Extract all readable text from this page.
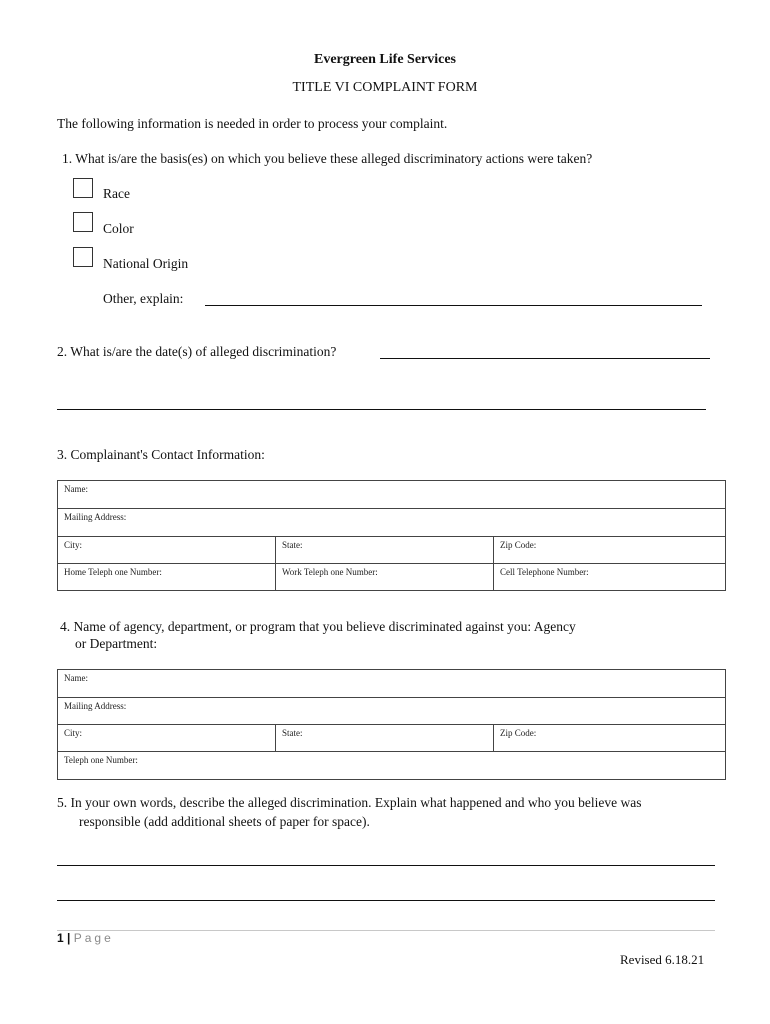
Evergreen Life Services
TITLE VI COMPLAINT FORM
The following information is needed in order to process your complaint.
1. What is/are the basis(es) on which you believe these alleged discriminatory actions were taken?
Race
Color
National Origin
Other, explain:
2. What is/are the date(s) of alleged discrimination?
3. Complainant's Contact Information:
Name:		
Mailing Address:		
City:	State:	Zip Code:
Home Teleph one Number:	Work Teleph one Number:	Cell Telephone Number:
4. Name of agency, department, or program that you believe discriminated against you: Agency
or Department:
Name:
Mailing Address:
City:	State:	Zip Code:
Teleph one Number:
5. In your own words, describe the alleged discrimination. Explain what happened and who you believe was
responsible (add additional sheets of paper for space).
1 | Page
Revised 6.18.21
